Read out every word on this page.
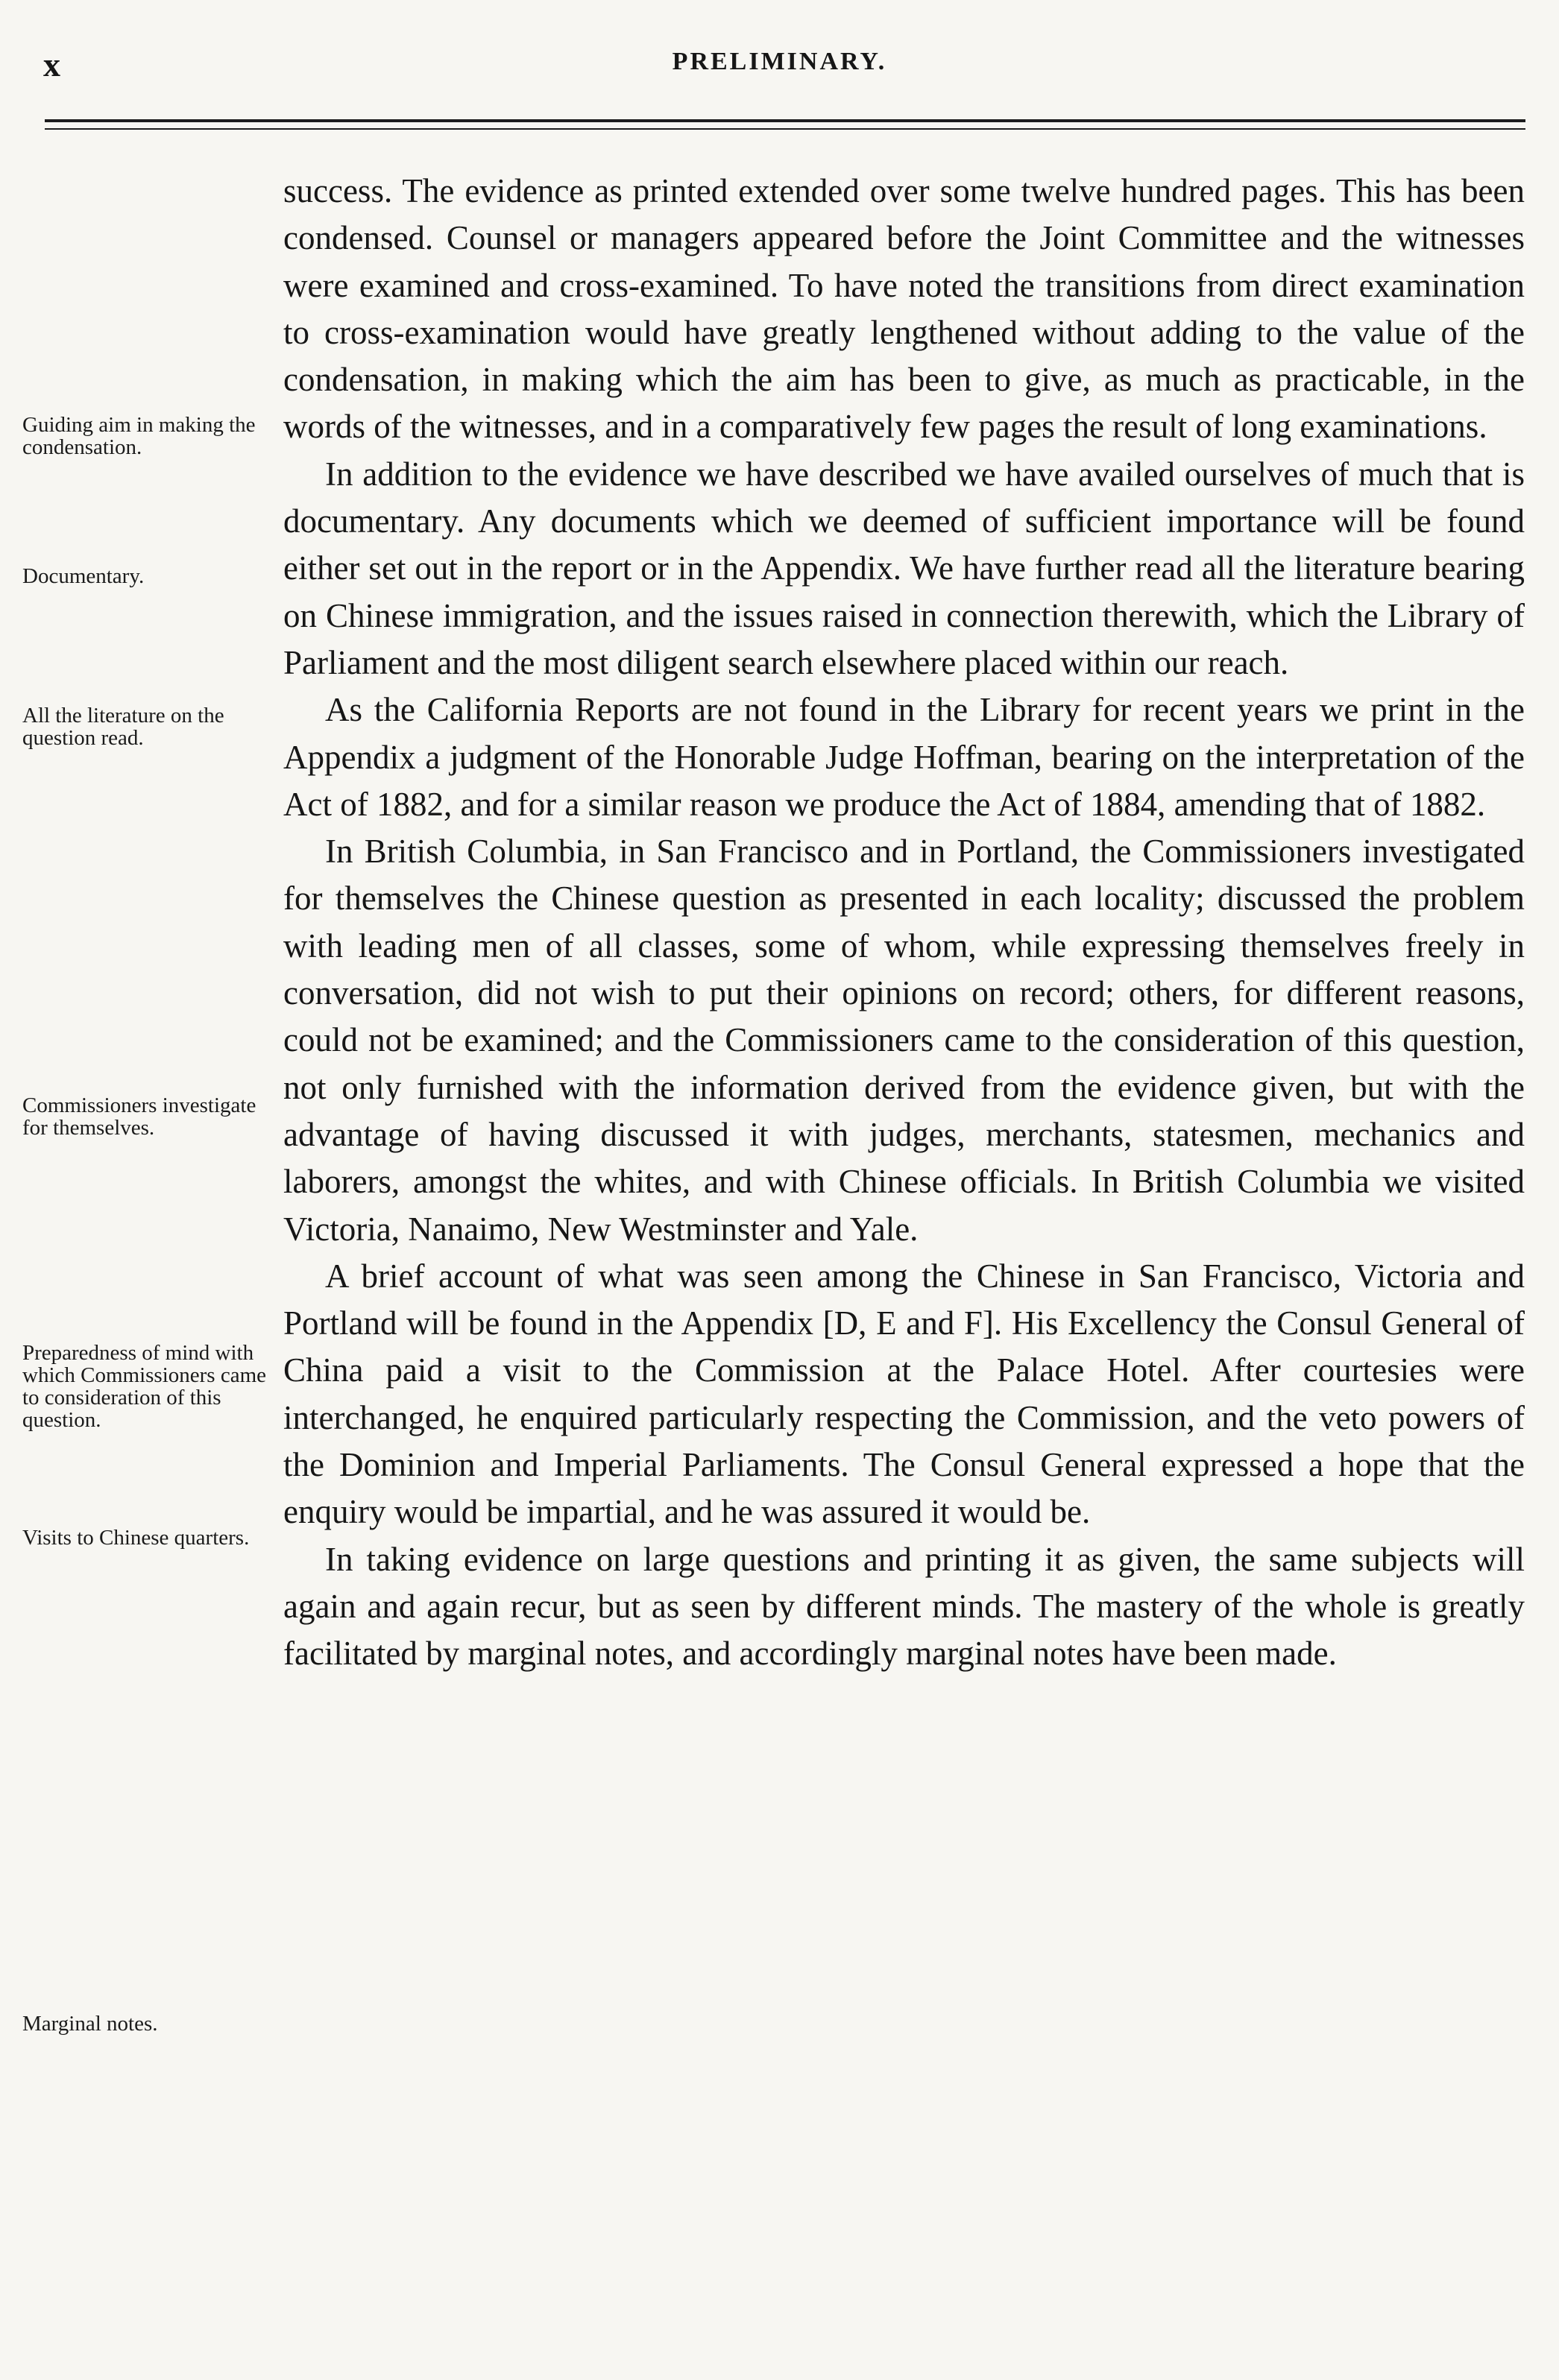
x	PRELIMINARY.
Guiding aim in making the condensation.
Documentary.
All the literature on the question read.
Commissioners investigate for themselves.
Preparedness of mind with which Commissioners came to consideration of this question.
Visits to Chinese quarters.
Marginal notes.

success. The evidence as printed extended over some twelve hundred pages. This has been condensed. Counsel or managers appeared before the Joint Committee and the witnesses were examined and cross-examined. To have noted the transitions from direct examination to cross-examination would have greatly lengthened without adding to the value of the condensation, in making which the aim has been to give, as much as practicable, in the words of the witnesses, and in a comparatively few pages the result of long examinations.

In addition to the evidence we have described we have availed ourselves of much that is documentary. Any documents which we deemed of sufficient importance will be found either set out in the report or in the Appendix. We have further read all the literature bearing on Chinese immigration, and the issues raised in connection therewith, which the Library of Parliament and the most diligent search elsewhere placed within our reach.

As the California Reports are not found in the Library for recent years we print in the Appendix a judgment of the Honorable Judge Hoffman, bearing on the interpretation of the Act of 1882, and for a similar reason we produce the Act of 1884, amending that of 1882.

In British Columbia, in San Francisco and in Portland, the Commissioners investigated for themselves the Chinese question as presented in each locality; discussed the problem with leading men of all classes, some of whom, while expressing themselves freely in conversation, did not wish to put their opinions on record; others, for different reasons, could not be examined; and the Commissioners came to the consideration of this question, not only furnished with the information derived from the evidence given, but with the advantage of having discussed it with judges, merchants, statesmen, mechanics and laborers, amongst the whites, and with Chinese officials. In British Columbia we visited Victoria, Nanaimo, New Westminster and Yale.

A brief account of what was seen among the Chinese in San Francisco, Victoria and Portland will be found in the Appendix [D, E and F]. His Excellency the Consul General of China paid a visit to the Commission at the Palace Hotel. After courtesies were interchanged, he enquired particularly respecting the Commission, and the veto powers of the Dominion and Imperial Parliaments. The Consul General expressed a hope that the enquiry would be impartial, and he was assured it would be.

In taking evidence on large questions and printing it as given, the same subjects will again and again recur, but as seen by different minds. The mastery of the whole is greatly facilitated by marginal notes, and accordingly marginal notes have been made.
